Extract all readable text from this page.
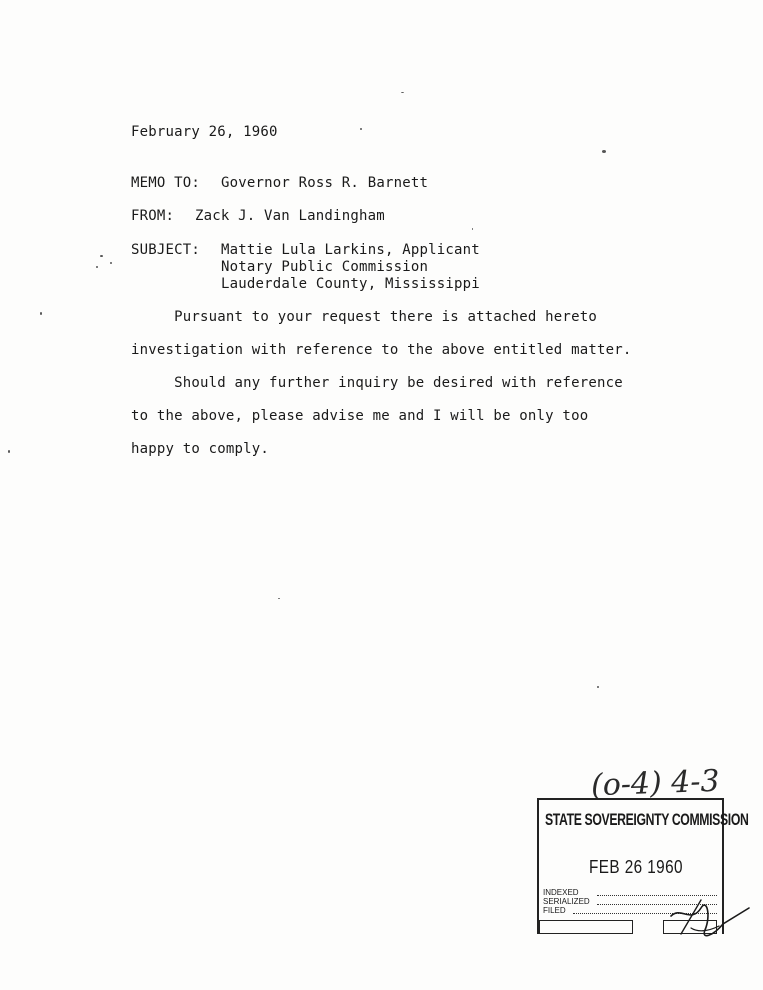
February 26, 1960
MEMO TO: Governor Ross R. Barnett
FROM: Zack J. Van Landingham
SUBJECT: Mattie Lula Larkins, Applicant
Notary Public Commission
Lauderdale County, Mississippi
Pursuant to your request there is attached hereto
investigation with reference to the above entitled matter.
Should any further inquiry be desired with reference
to the above, please advise me and I will be only too
happy to comply.
(o-4) 4-3
STATE SOVEREIGNTY COMMISSION
FEB 26 1960
INDEXED
SERIALIZED
FILED
